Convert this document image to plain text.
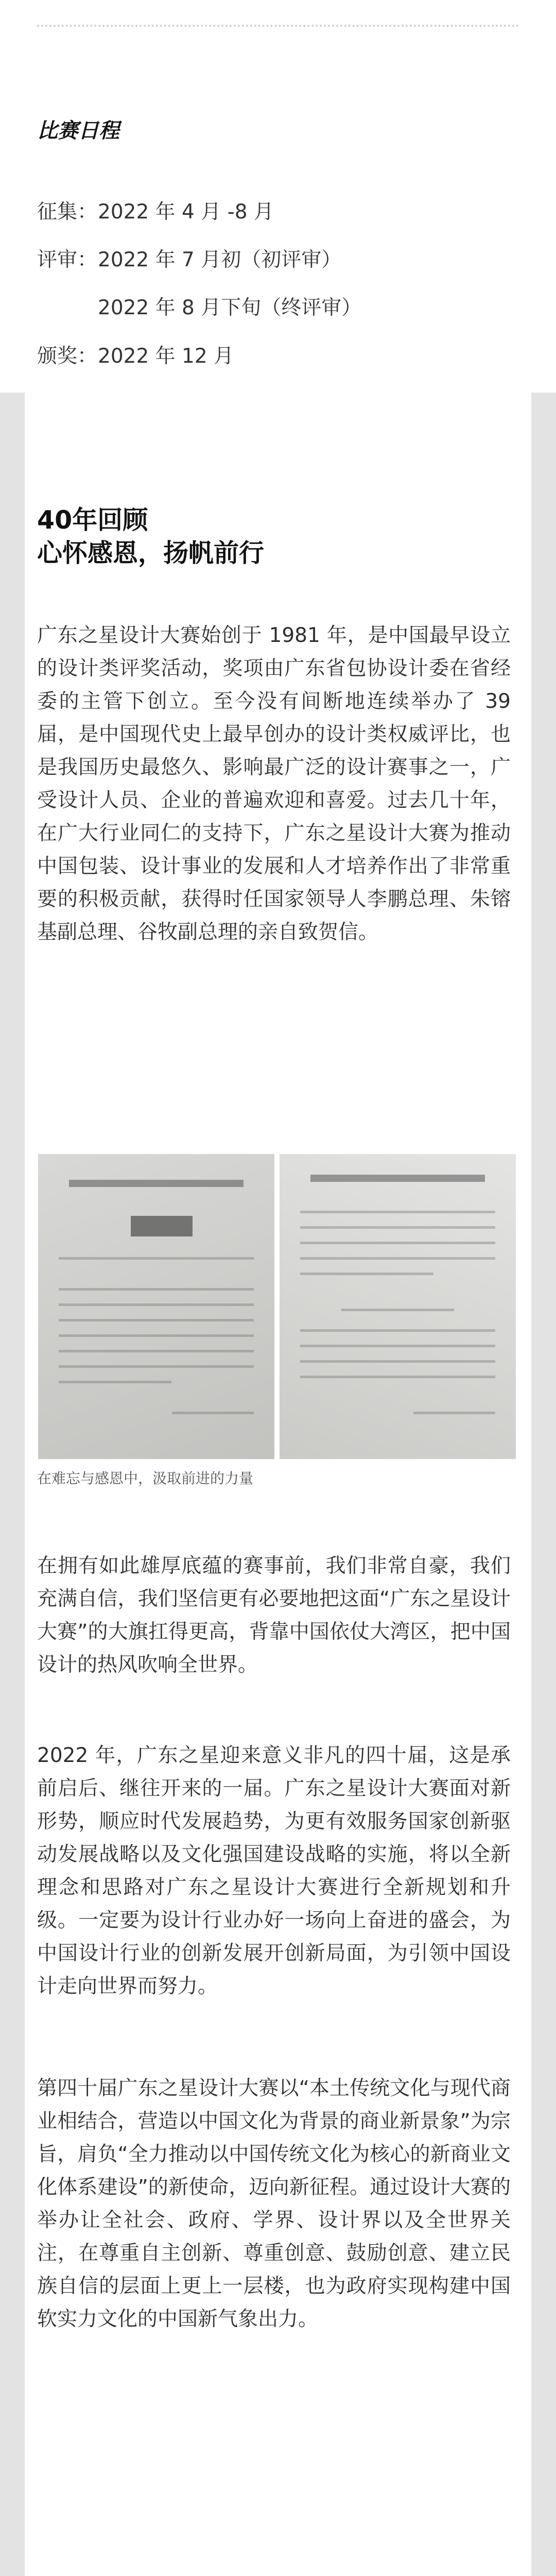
比赛日程
征集：2022 年 4 月 -8 月
评审：2022 年 7 月初（初评审）
2022 年 8 月下旬（终评审）
颁奖：2022 年 12 月
40年回顾
心怀感恩，扬帆前行

广东之星设计大赛始创于 1981 年，是中国最早设立的设计类评奖活动，奖项由广东省包协设计委在省经委的主管下创立。至今没有间断地连续举办了 39 届，是中国现代史上最早创办的设计类权威评比，也是我国历史最悠久、影响最广泛的设计赛事之一，广受设计人员、企业的普遍欢迎和喜爱。过去几十年，在广大行业同仁的支持下，广东之星设计大赛为推动中国包装、设计事业的发展和人才培养作出了非常重要的积极贡献，获得时任国家领导人李鹏总理、朱镕基副总理、谷牧副总理的亲自致贺信。

在难忘与感恩中，汲取前进的力量

在拥有如此雄厚底蕴的赛事前，我们非常自豪，我们充满自信，我们坚信更有必要地把这面“广东之星设计大赛”的大旗扛得更高，背靠中国依仗大湾区，把中国设计的热风吹响全世界。

2022 年，广东之星迎来意义非凡的四十届，这是承前启后、继往开来的一届。广东之星设计大赛面对新形势，顺应时代发展趋势，为更有效服务国家创新驱动发展战略以及文化强国建设战略的实施，将以全新理念和思路对广东之星设计大赛进行全新规划和升级。一定要为设计行业办好一场向上奋进的盛会，为中国设计行业的创新发展开创新局面，为引领中国设计走向世界而努力。

第四十届广东之星设计大赛以“本土传统文化与现代商业相结合，营造以中国文化为背景的商业新景象”为宗旨，肩负“全力推动以中国传统文化为核心的新商业文化体系建设”的新使命，迈向新征程。通过设计大赛的举办让全社会、政府、学界、设计界以及全世界关注，在尊重自主创新、尊重创意、鼓励创意、建立民族自信的层面上更上一层楼，也为政府实现构建中国软实力文化的中国新气象出力。
